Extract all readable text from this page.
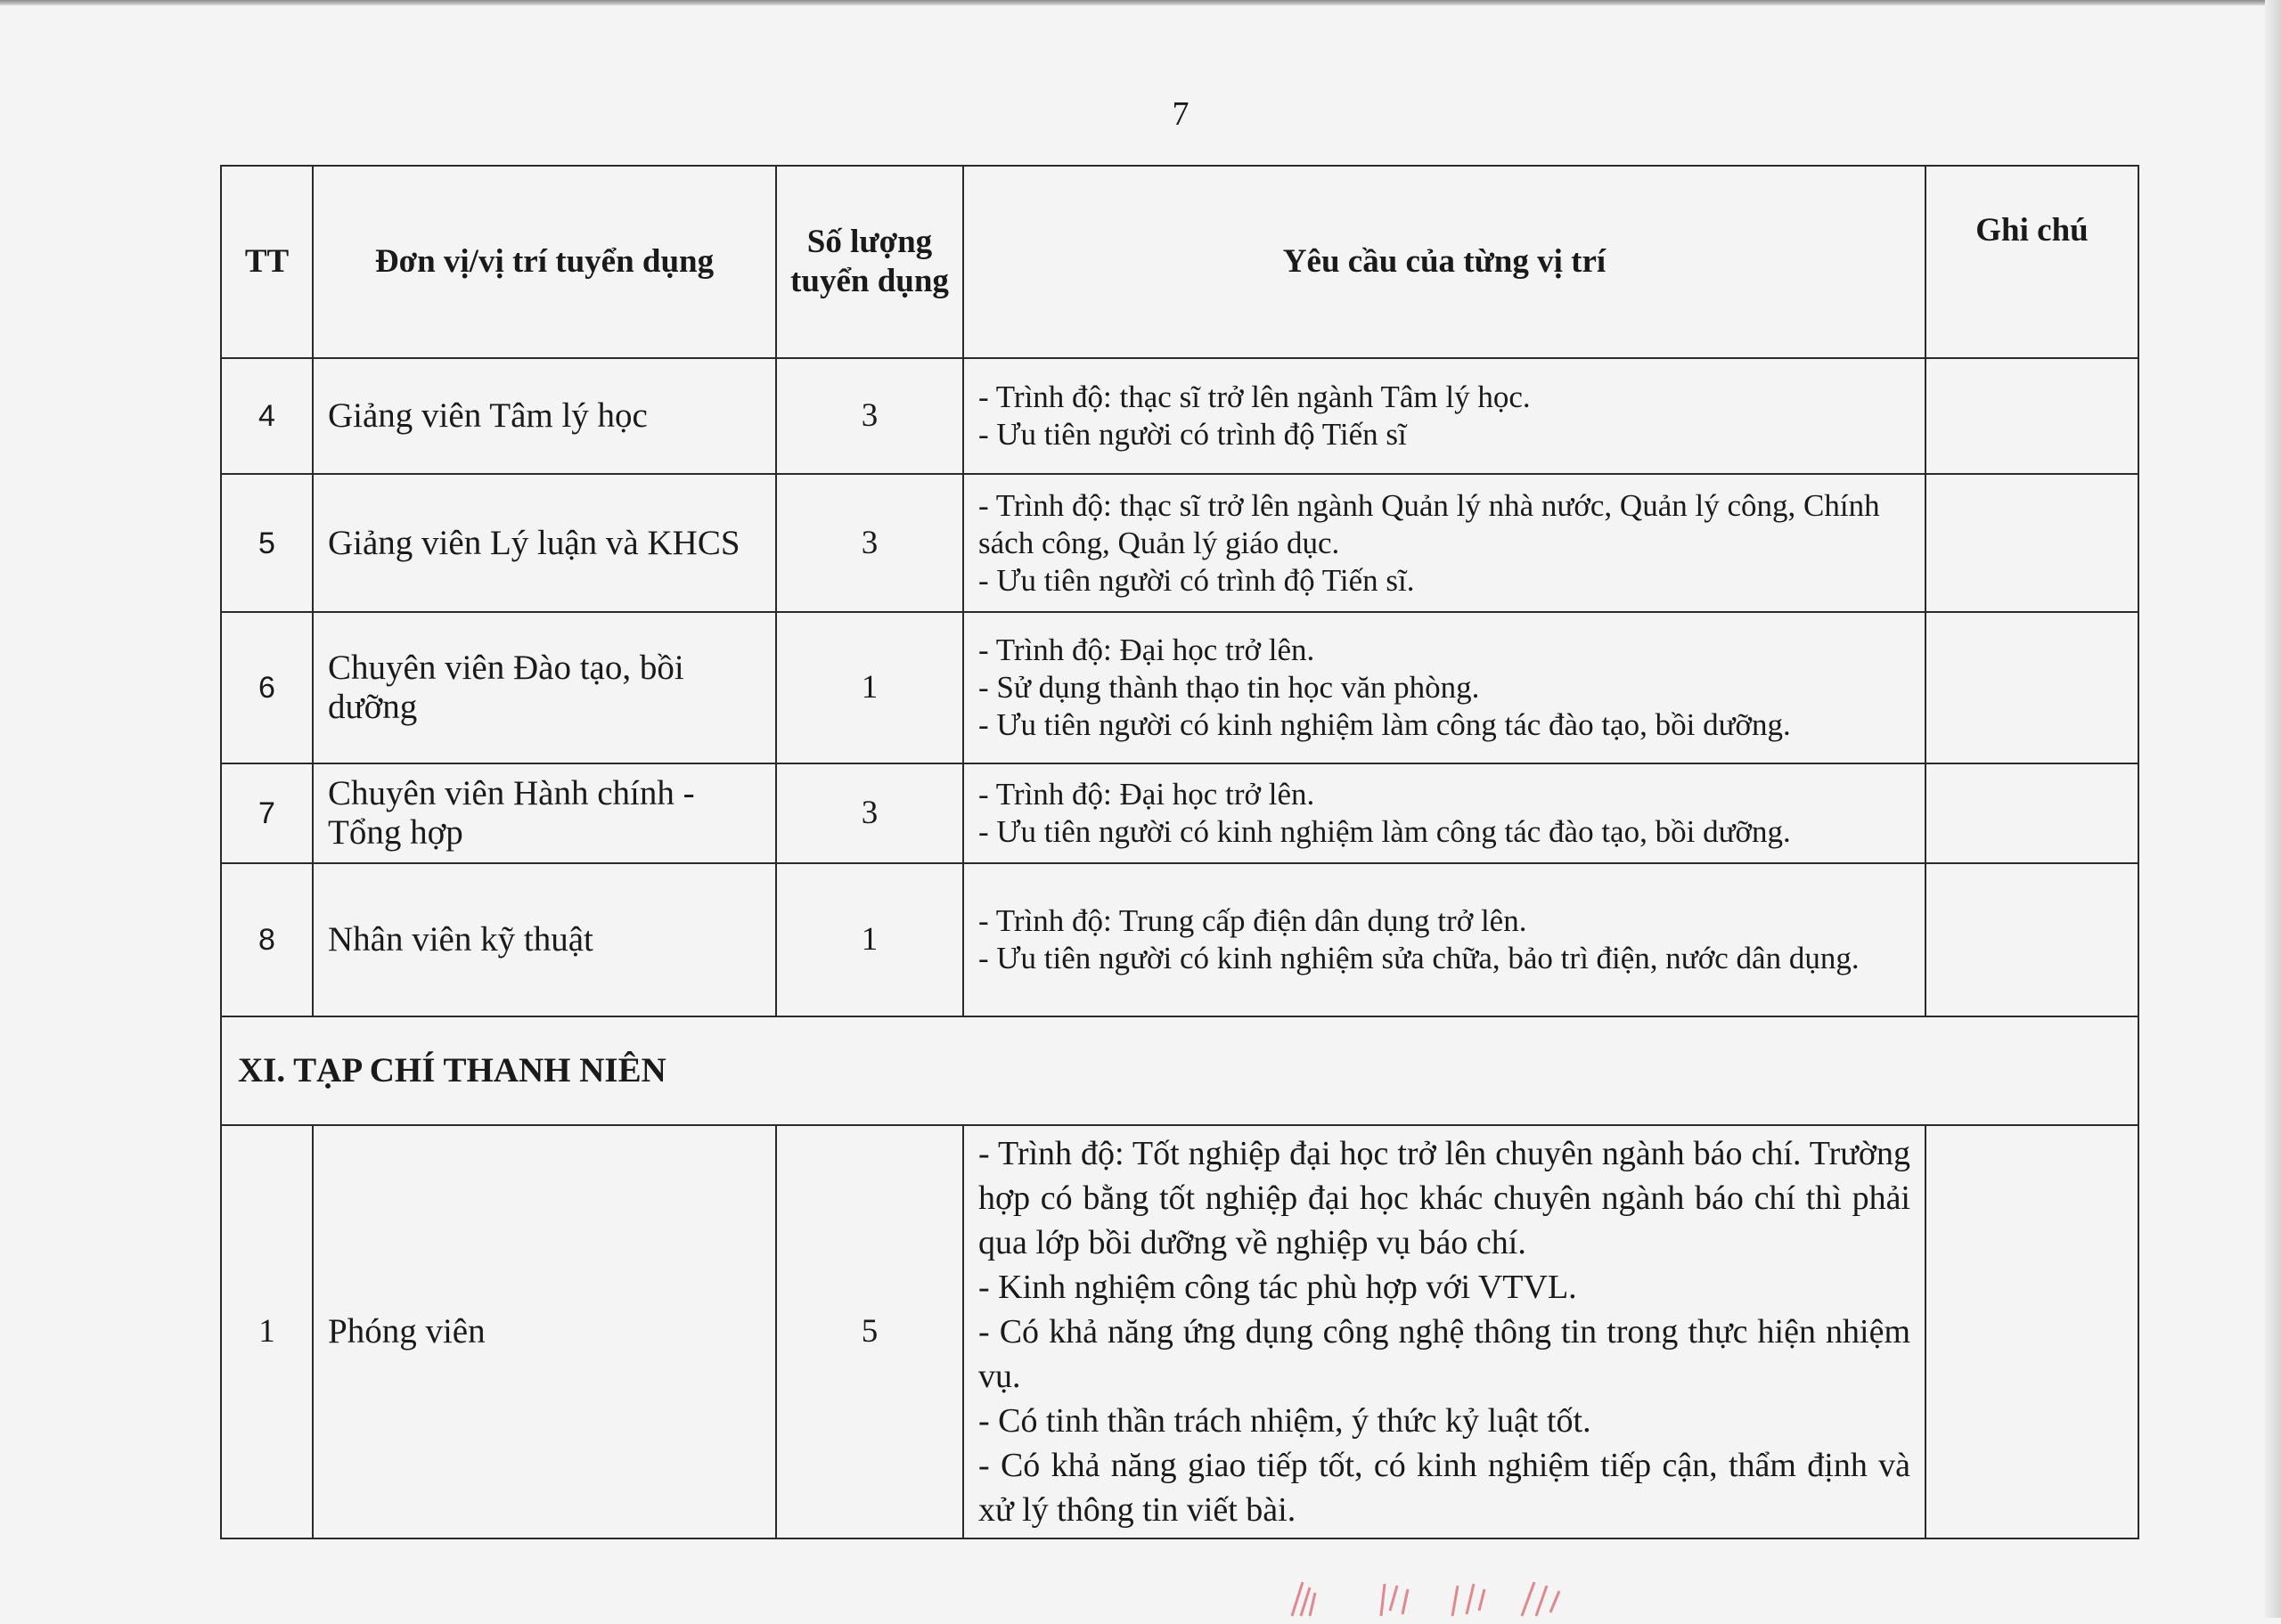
7
TT	Đơn vị/vị trí tuyển dụng	Số lượng tuyển dụng	Yêu cầu của từng vị trí	Ghi chú
4	Giảng viên Tâm lý học	3	- Trình độ: thạc sĩ trở lên ngành Tâm lý học.
- Ưu tiên người có trình độ Tiến sĩ	

5	Giảng viên Lý luận và KHCS	3	- Trình độ: thạc sĩ trở lên ngành Quản lý nhà nước, Quản lý công, Chính sách công, Quản lý giáo dục.
- Ưu tiên người có trình độ Tiến sĩ.	

6	Chuyên viên Đào tạo, bồi dưỡng	1	- Trình độ: Đại học trở lên.
- Sử dụng thành thạo tin học văn phòng.
- Ưu tiên người có kinh nghiệm làm công tác đào tạo, bồi dưỡng.	

7	Chuyên viên Hành chính - Tổng hợp	3	- Trình độ: Đại học trở lên.
- Ưu tiên người có kinh nghiệm làm công tác đào tạo, bồi dưỡng.	

8	Nhân viên kỹ thuật	1	- Trình độ: Trung cấp điện dân dụng trở lên.
- Ưu tiên người có kinh nghiệm sửa chữa, bảo trì điện, nước dân dụng.	

XI. TẠP CHÍ THANH NIÊN				
1	Phóng viên	5	- Trình độ: Tốt nghiệp đại học trở lên chuyên ngành báo chí. Trường hợp có bằng tốt nghiệp đại học khác chuyên ngành báo chí thì phải qua lớp bồi dưỡng về nghiệp vụ báo chí.
- Kinh nghiệm công tác phù hợp với VTVL.
- Có khả năng ứng dụng công nghệ thông tin trong thực hiện nhiệm vụ.
- Có tinh thần trách nhiệm, ý thức kỷ luật tốt.
- Có khả năng giao tiếp tốt, có kinh nghiệm tiếp cận, thẩm định và xử lý thông tin viết bài.	
